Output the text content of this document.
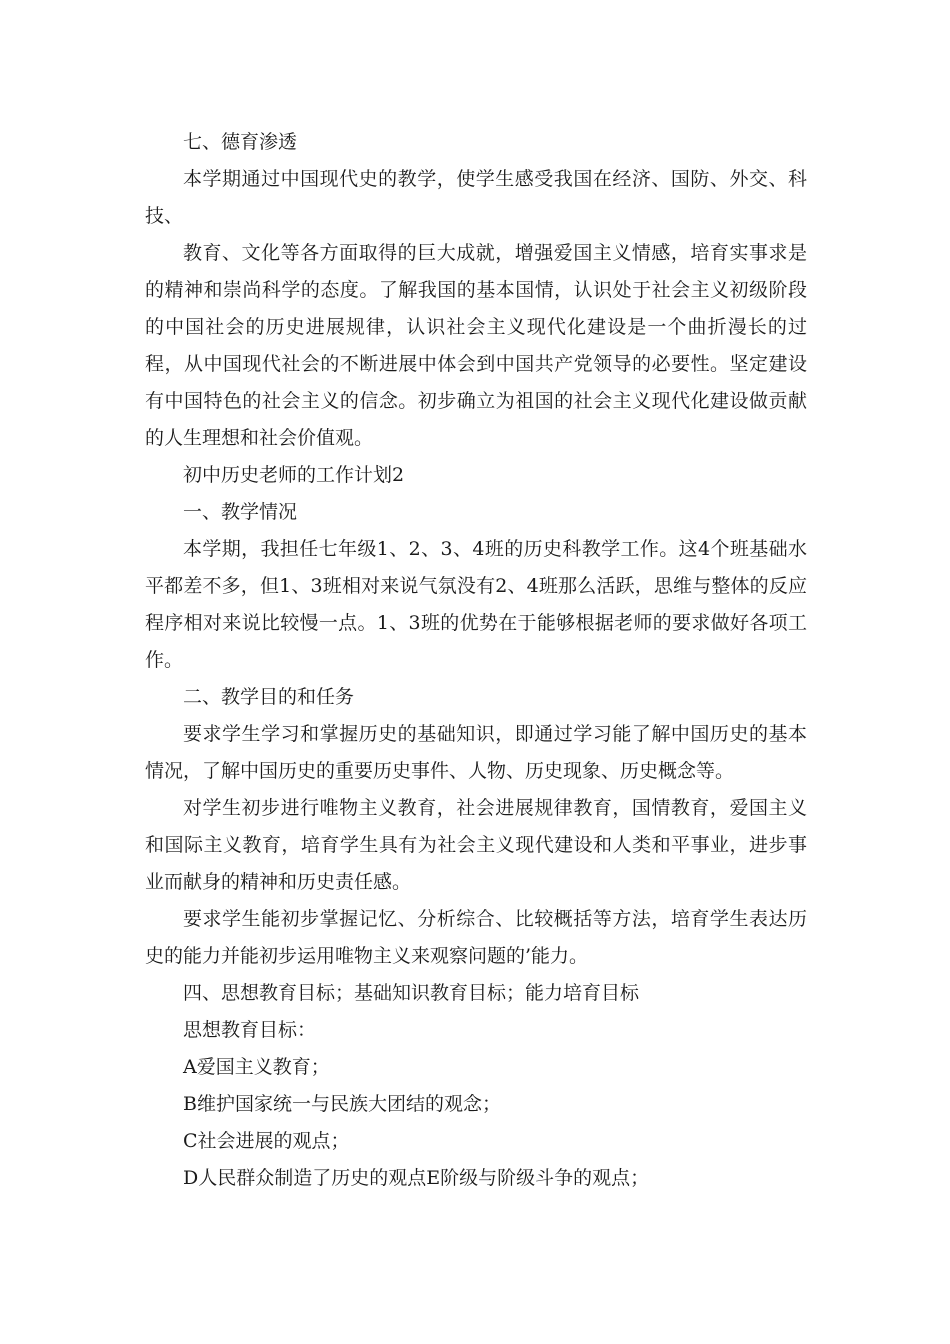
七、德育渗透

本学期通过中国现代史的教学，使学生感受我国在经济、国防、外交、科技、

教育、文化等各方面取得的巨大成就，增强爱国主义情感，培育实事求是的精神和崇尚科学的态度。了解我国的基本国情，认识处于社会主义初级阶段的中国社会的历史进展规律，认识社会主义现代化建设是一个曲折漫长的过程，从中国现代社会的不断进展中体会到中国共产党领导的必要性。坚定建设有中国特色的社会主义的信念。初步确立为祖国的社会主义现代化建设做贡献的人生理想和社会价值观。

初中历史老师的工作计划2

一、教学情况

本学期，我担任七年级1、2、3、4班的历史科教学工作。这4个班基础水平都差不多，但1、3班相对来说气氛没有2、4班那么活跃，思维与整体的反应程序相对来说比较慢一点。1、3班的优势在于能够根据老师的要求做好各项工作。

二、教学目的和任务

要求学生学习和掌握历史的基础知识，即通过学习能了解中国历史的基本情况，了解中国历史的重要历史事件、人物、历史现象、历史概念等。

对学生初步进行唯物主义教育，社会进展规律教育，国情教育，爱国主义和国际主义教育，培育学生具有为社会主义现代建设和人类和平事业，进步事业而献身的精神和历史责任感。

要求学生能初步掌握记忆、分析综合、比较概括等方法，培育学生表达历史的能力并能初步运用唯物主义来观察问题的’能力。

四、思想教育目标；基础知识教育目标；能力培育目标

思想教育目标：

A爱国主义教育；

B维护国家统一与民族大团结的观念；

C社会进展的观点；

D人民群众制造了历史的观点E阶级与阶级斗争的观点；
